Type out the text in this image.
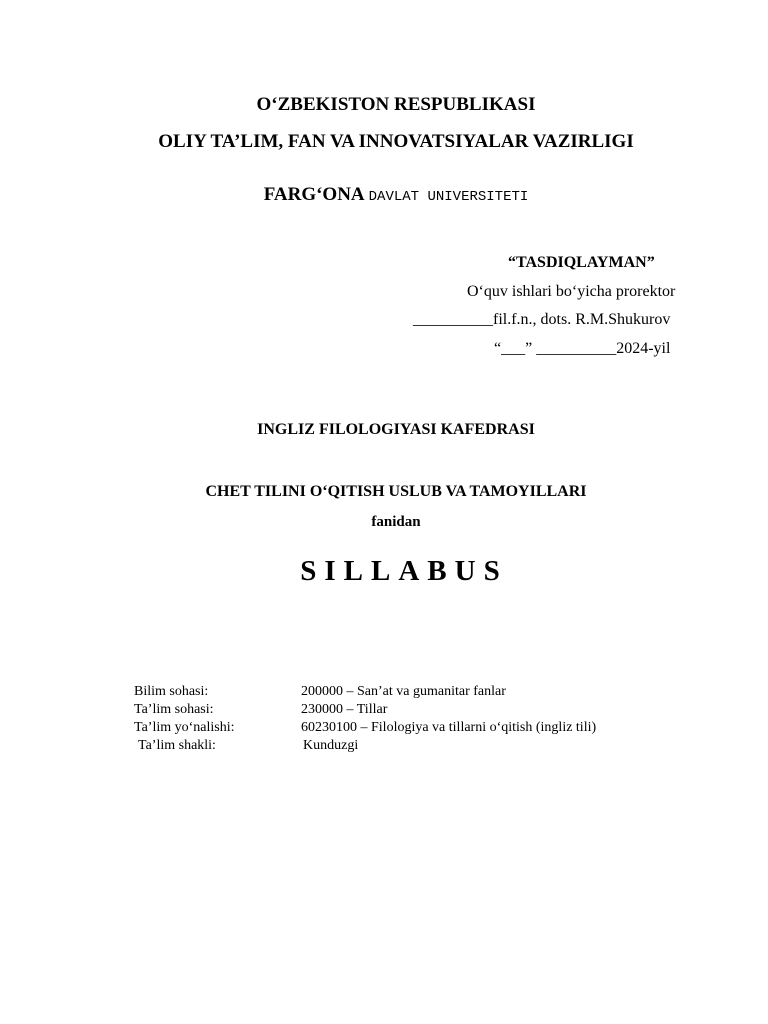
O‘ZBEKISTON RESPUBLIKASI
OLIY TA’LIM, FAN VA INNOVATSIYALAR VAZIRLIGI
FARG‘ONA DAVLAT UNIVERSITETI
“TASDIQLAYMAN”
O‘quv ishlari bo‘yicha prorektor
__________fil.f.n., dots. R.M.Shukurov
“___” __________2024-yil
INGLIZ FILOLOGIYASI KAFEDRASI
CHET TILINI O‘QITISH USLUB VA TAMOYILLARI
fanidan
SILLABUS
Bilim sohasi:	200000 – San’at va gumanitar fanlar
Ta’lim sohasi:	230000 – Tillar
Ta’lim yo‘nalishi:	60230100 – Filologiya va tillarni o‘qitish (ingliz tili)
Ta’lim shakli:	Kunduzgi
